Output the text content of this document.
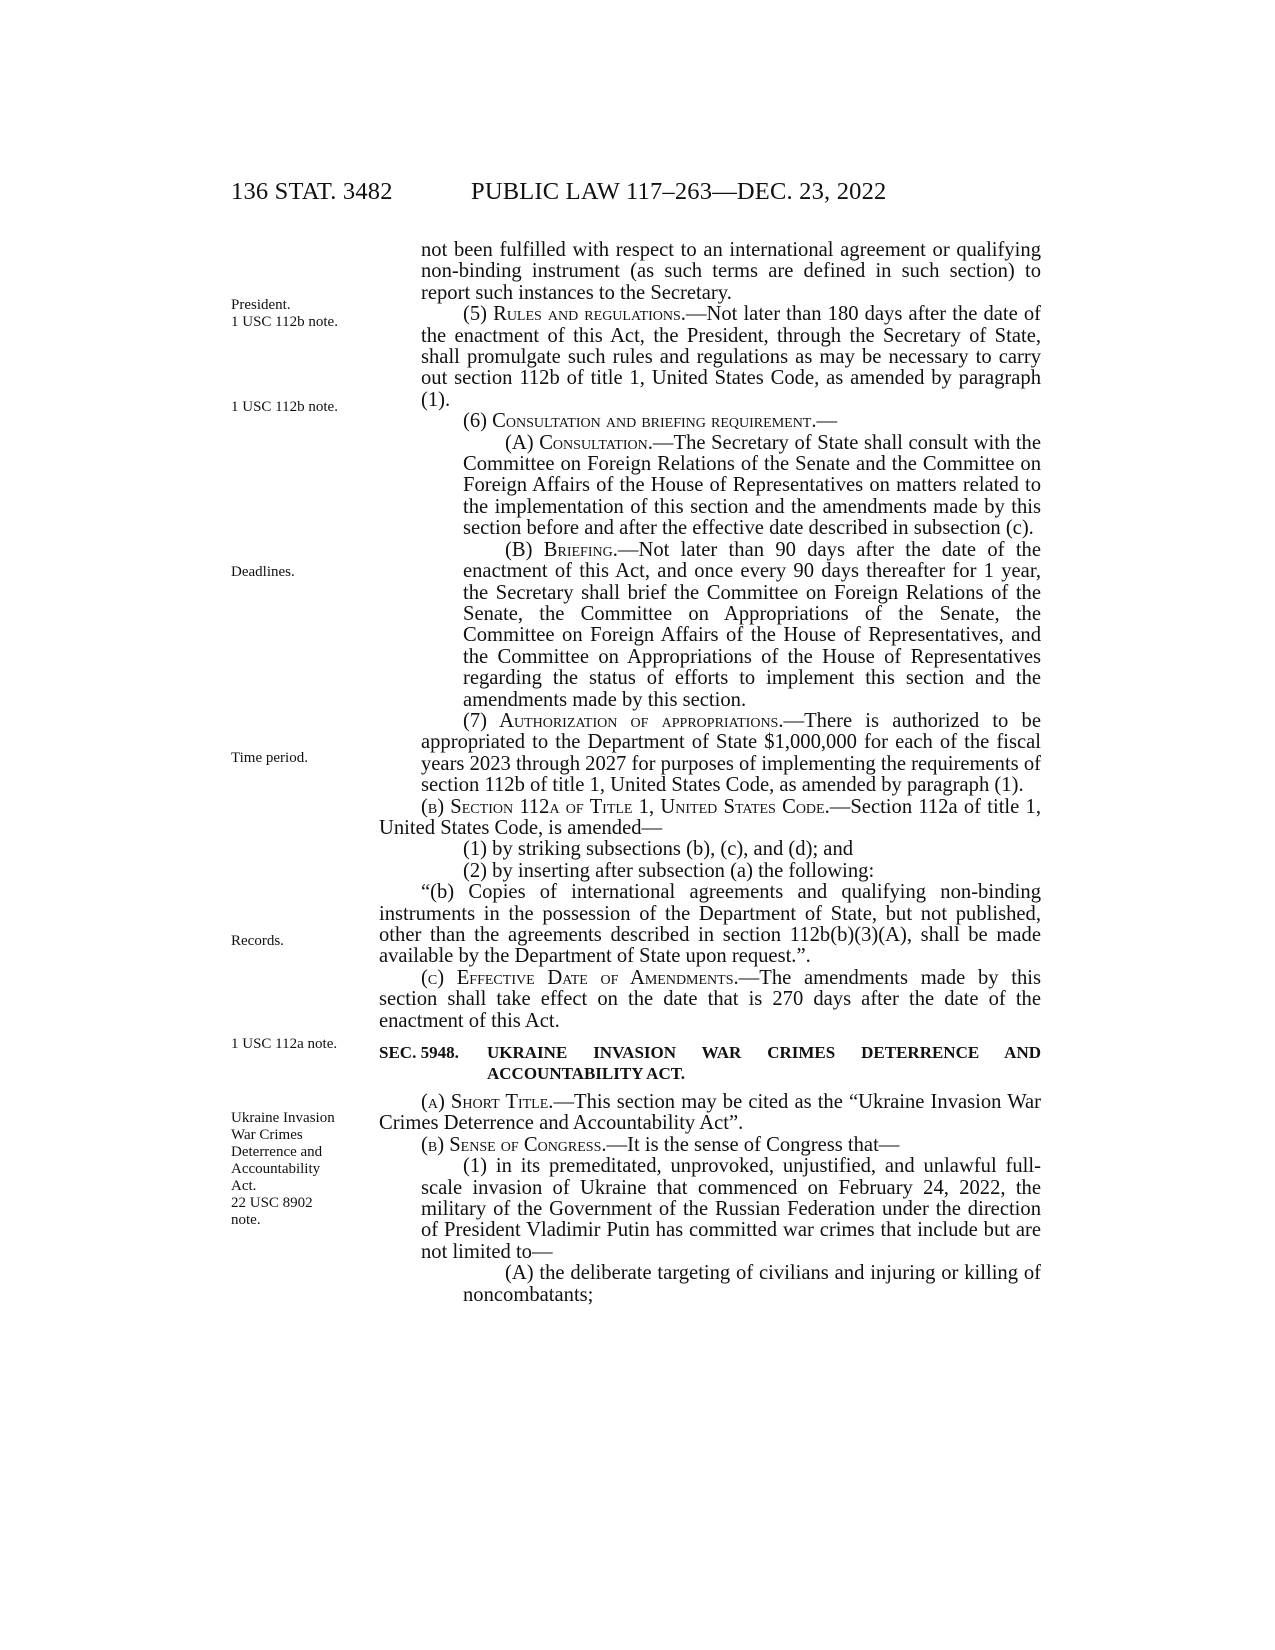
136 STAT. 3482	PUBLIC LAW 117–263—DEC. 23, 2022
President.
1 USC 112b note.
1 USC 112b note.
Deadlines.
Time period.
Records.
1 USC 112a note.
Ukraine Invasion
War Crimes
Deterrence and
Accountability
Act.
22 USC 8902
note.

not been fulfilled with respect to an international agreement or qualifying non-binding instrument (as such terms are defined in such section) to report such instances to the Secretary.

(5) Rules and regulations.—Not later than 180 days after the date of the enactment of this Act, the President, through the Secretary of State, shall promulgate such rules and regulations as may be necessary to carry out section 112b of title 1, United States Code, as amended by paragraph (1).

(6) Consultation and briefing requirement.—

(A) Consultation.—The Secretary of State shall consult with the Committee on Foreign Relations of the Senate and the Committee on Foreign Affairs of the House of Representatives on matters related to the implementation of this section and the amendments made by this section before and after the effective date described in subsection (c).

(B) Briefing.—Not later than 90 days after the date of the enactment of this Act, and once every 90 days thereafter for 1 year, the Secretary shall brief the Committee on Foreign Relations of the Senate, the Committee on Appropriations of the Senate, the Committee on Foreign Affairs of the House of Representatives, and the Committee on Appropriations of the House of Representatives regarding the status of efforts to implement this section and the amendments made by this section.

(7) Authorization of appropriations.—There is authorized to be appropriated to the Department of State $1,000,000 for each of the fiscal years 2023 through 2027 for purposes of implementing the requirements of section 112b of title 1, United States Code, as amended by paragraph (1).

(b) Section 112a of Title 1, United States Code.—Section 112a of title 1, United States Code, is amended—

(1) by striking subsections (b), (c), and (d); and

(2) by inserting after subsection (a) the following:

“(b) Copies of international agreements and qualifying non-binding instruments in the possession of the Department of State, but not published, other than the agreements described in section 112b(b)(3)(A), shall be made available by the Department of State upon request.”.

(c) Effective Date of Amendments.—The amendments made by this section shall take effect on the date that is 270 days after the date of the enactment of this Act.

SEC. 5948.	UKRAINE INVASION WAR CRIMES DETERRENCE AND ACCOUNTABILITY ACT.

(a) Short Title.—This section may be cited as the “Ukraine Invasion War Crimes Deterrence and Accountability Act”.

(b) Sense of Congress.—It is the sense of Congress that—

(1) in its premeditated, unprovoked, unjustified, and unlawful full-scale invasion of Ukraine that commenced on February 24, 2022, the military of the Government of the Russian Federation under the direction of President Vladimir Putin has committed war crimes that include but are not limited to—

(A) the deliberate targeting of civilians and injuring or killing of noncombatants;
